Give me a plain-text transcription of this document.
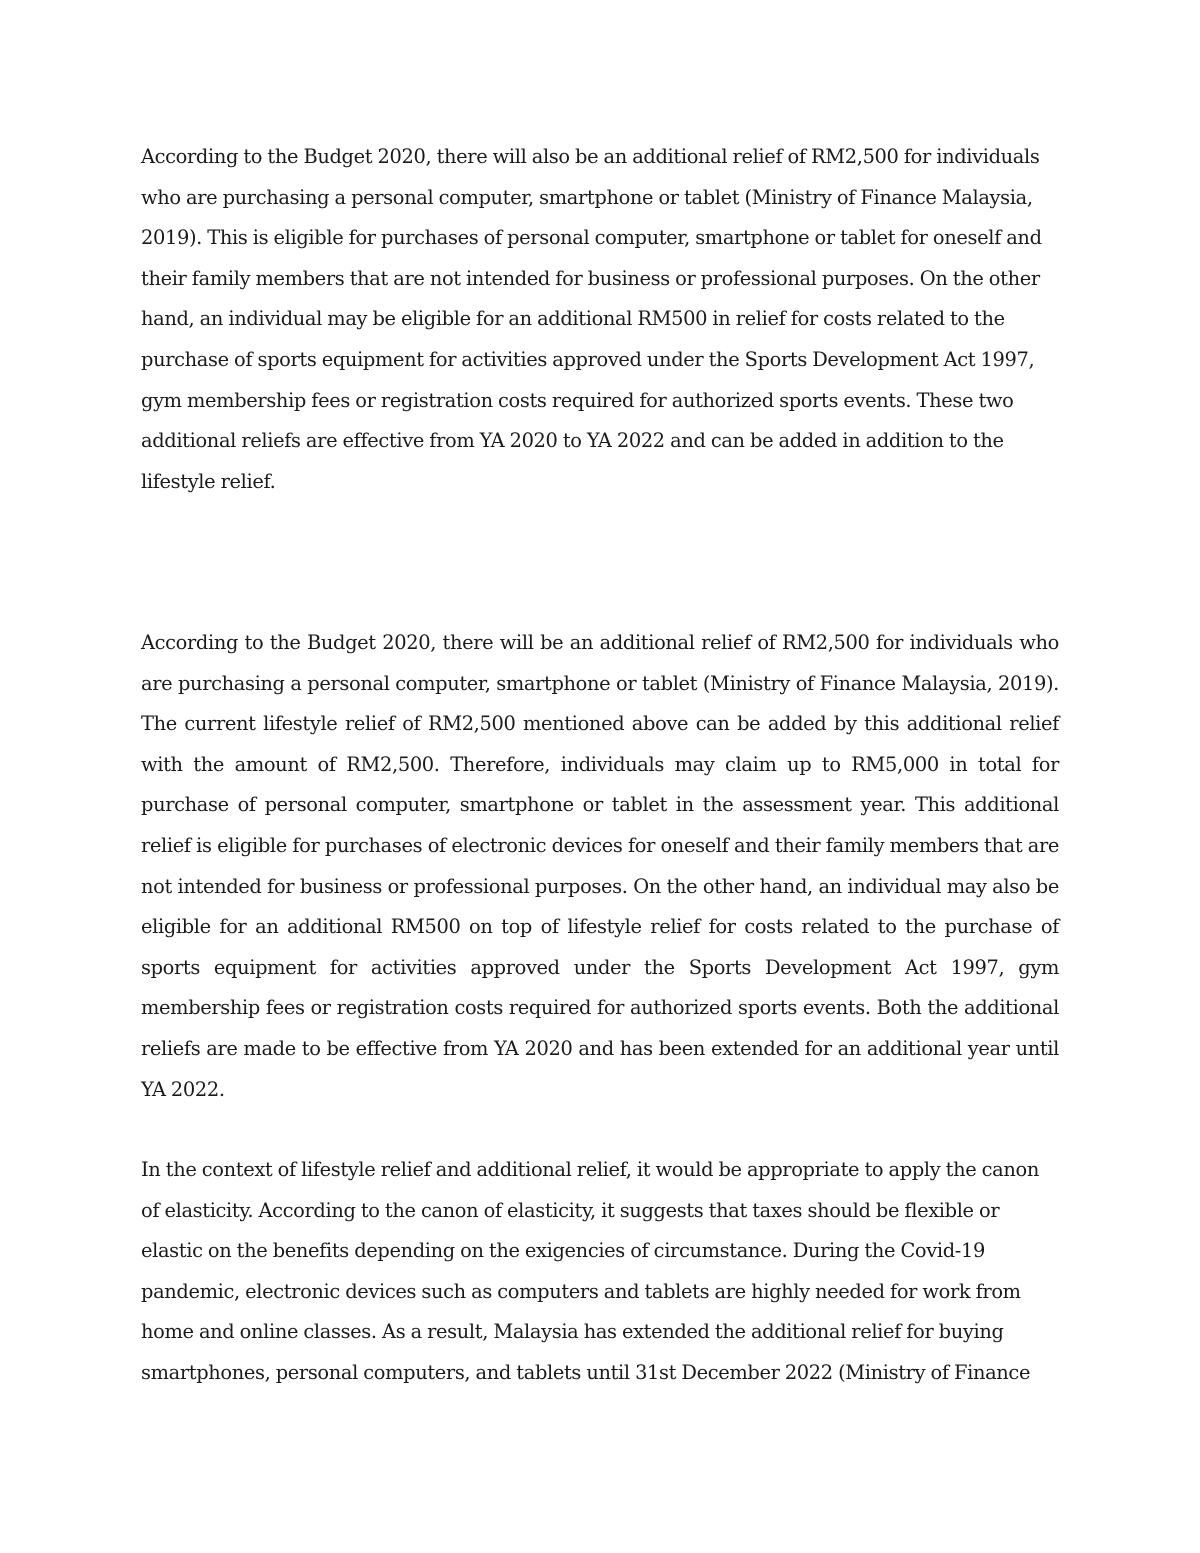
According to the Budget 2020, there will also be an additional relief of RM2,500 for individuals who are purchasing a personal computer, smartphone or tablet (Ministry of Finance Malaysia, 2019). This is eligible for purchases of personal computer, smartphone or tablet for oneself and their family members that are not intended for business or professional purposes. On the other hand, an individual may be eligible for an additional RM500 in relief for costs related to the purchase of sports equipment for activities approved under the Sports Development Act 1997, gym membership fees or registration costs required for authorized sports events. These two additional reliefs are effective from YA 2020 to YA 2022 and can be added in addition to the lifestyle relief.

According to the Budget 2020, there will be an additional relief of RM2,500 for individuals who are purchasing a personal computer, smartphone or tablet (Ministry of Finance Malaysia, 2019). The current lifestyle relief of RM2,500 mentioned above can be added by this additional relief with the amount of RM2,500. Therefore, individuals may claim up to RM5,000 in total for purchase of personal computer, smartphone or tablet in the assessment year. This additional relief is eligible for purchases of electronic devices for oneself and their family members that are not intended for business or professional purposes. On the other hand, an individual may also be eligible for an additional RM500 on top of lifestyle relief for costs related to the purchase of sports equipment for activities approved under the Sports Development Act 1997, gym membership fees or registration costs required for authorized sports events. Both the additional reliefs are made to be effective from YA 2020 and has been extended for an additional year until YA 2022.

In the context of lifestyle relief and additional relief, it would be appropriate to apply the canon of elasticity. According to the canon of elasticity, it suggests that taxes should be flexible or elastic on the benefits depending on the exigencies of circumstance. During the Covid-19 pandemic, electronic devices such as computers and tablets are highly needed for work from home and online classes. As a result, Malaysia has extended the additional relief for buying smartphones, personal computers, and tablets until 31st December 2022 (Ministry of Finance
